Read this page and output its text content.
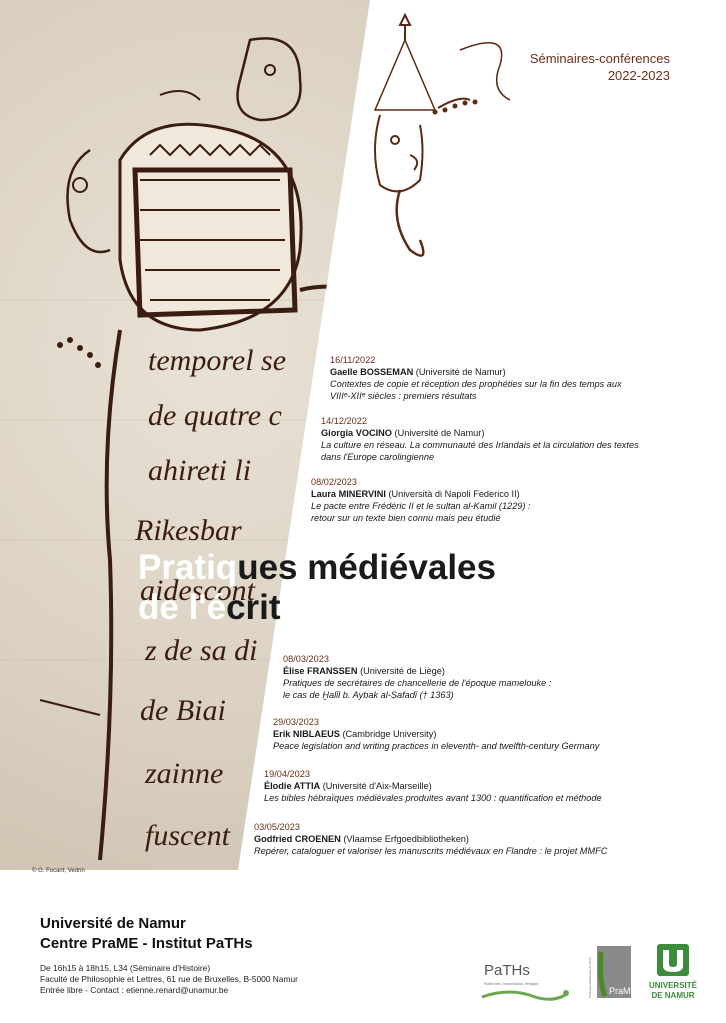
temporel se
de quatre c
ahireti li
Rikesbar
aidescont
z de sa di
de Biai
zainne
fuscent
Séminaires-conférences
2022-2023
16/11/2022
Gaelle BOSSEMAN (Université de Namur)
Contextes de copie et réception des prophéties sur la fin des temps aux
VIIIᵉ-XIIᵉ siècles : premiers résultats
14/12/2022
Giorgia VOCINO (Université de Namur)
La culture en réseau. La communauté des Irlandais et la circulation des textes
dans l'Europe carolingienne
08/02/2023
Laura MINERVINI (Università di Napoli Federico II)
Le pacte entre Frédéric II et le sultan al-Kamil (1229) :
retour sur un texte bien connu mais peu étudié
Pratiques médiévales
de l'écrit
08/03/2023
Élise FRANSSEN (Université de Liège)
Pratiques de secrétaires de chancellerie de l'époque mamelouke :
le cas de Ḫalīl b. Aybak al-Ṣafadī († 1363)
29/03/2023
Erik NIBLAEUS (Cambridge University)
Peace legislation and writing practices in eleventh- and twelfth-century Germany
19/04/2023
Élodie ATTIA (Université d'Aix-Marseille)
Les bibles hébraïques médiévales produites avant 1300 : quantification et méthode
03/05/2023
Godfried CROENEN (Vlaamse Erfgoedbibliotheken)
Repérer, cataloguer et valoriser les manuscrits médiévaux en Flandre : le projet MMFC
© G. Focant, Vedrin
Université de Namur
Centre PraME - Institut PaTHs
De 16h15 à 18h15, L34 (Séminaire d'Histoire)
Faculté de Philosophie et Lettres, 61 rue de Bruxelles, B-5000 Namur
Entrée libre - Contact : etienne.renard@unamur.be
PaTHs
Patrimoines, Transmissions, Héritages
PraME
Pratiques Médiévales de l'Écrit	UNIVERSITÉ
DE NAMUR
